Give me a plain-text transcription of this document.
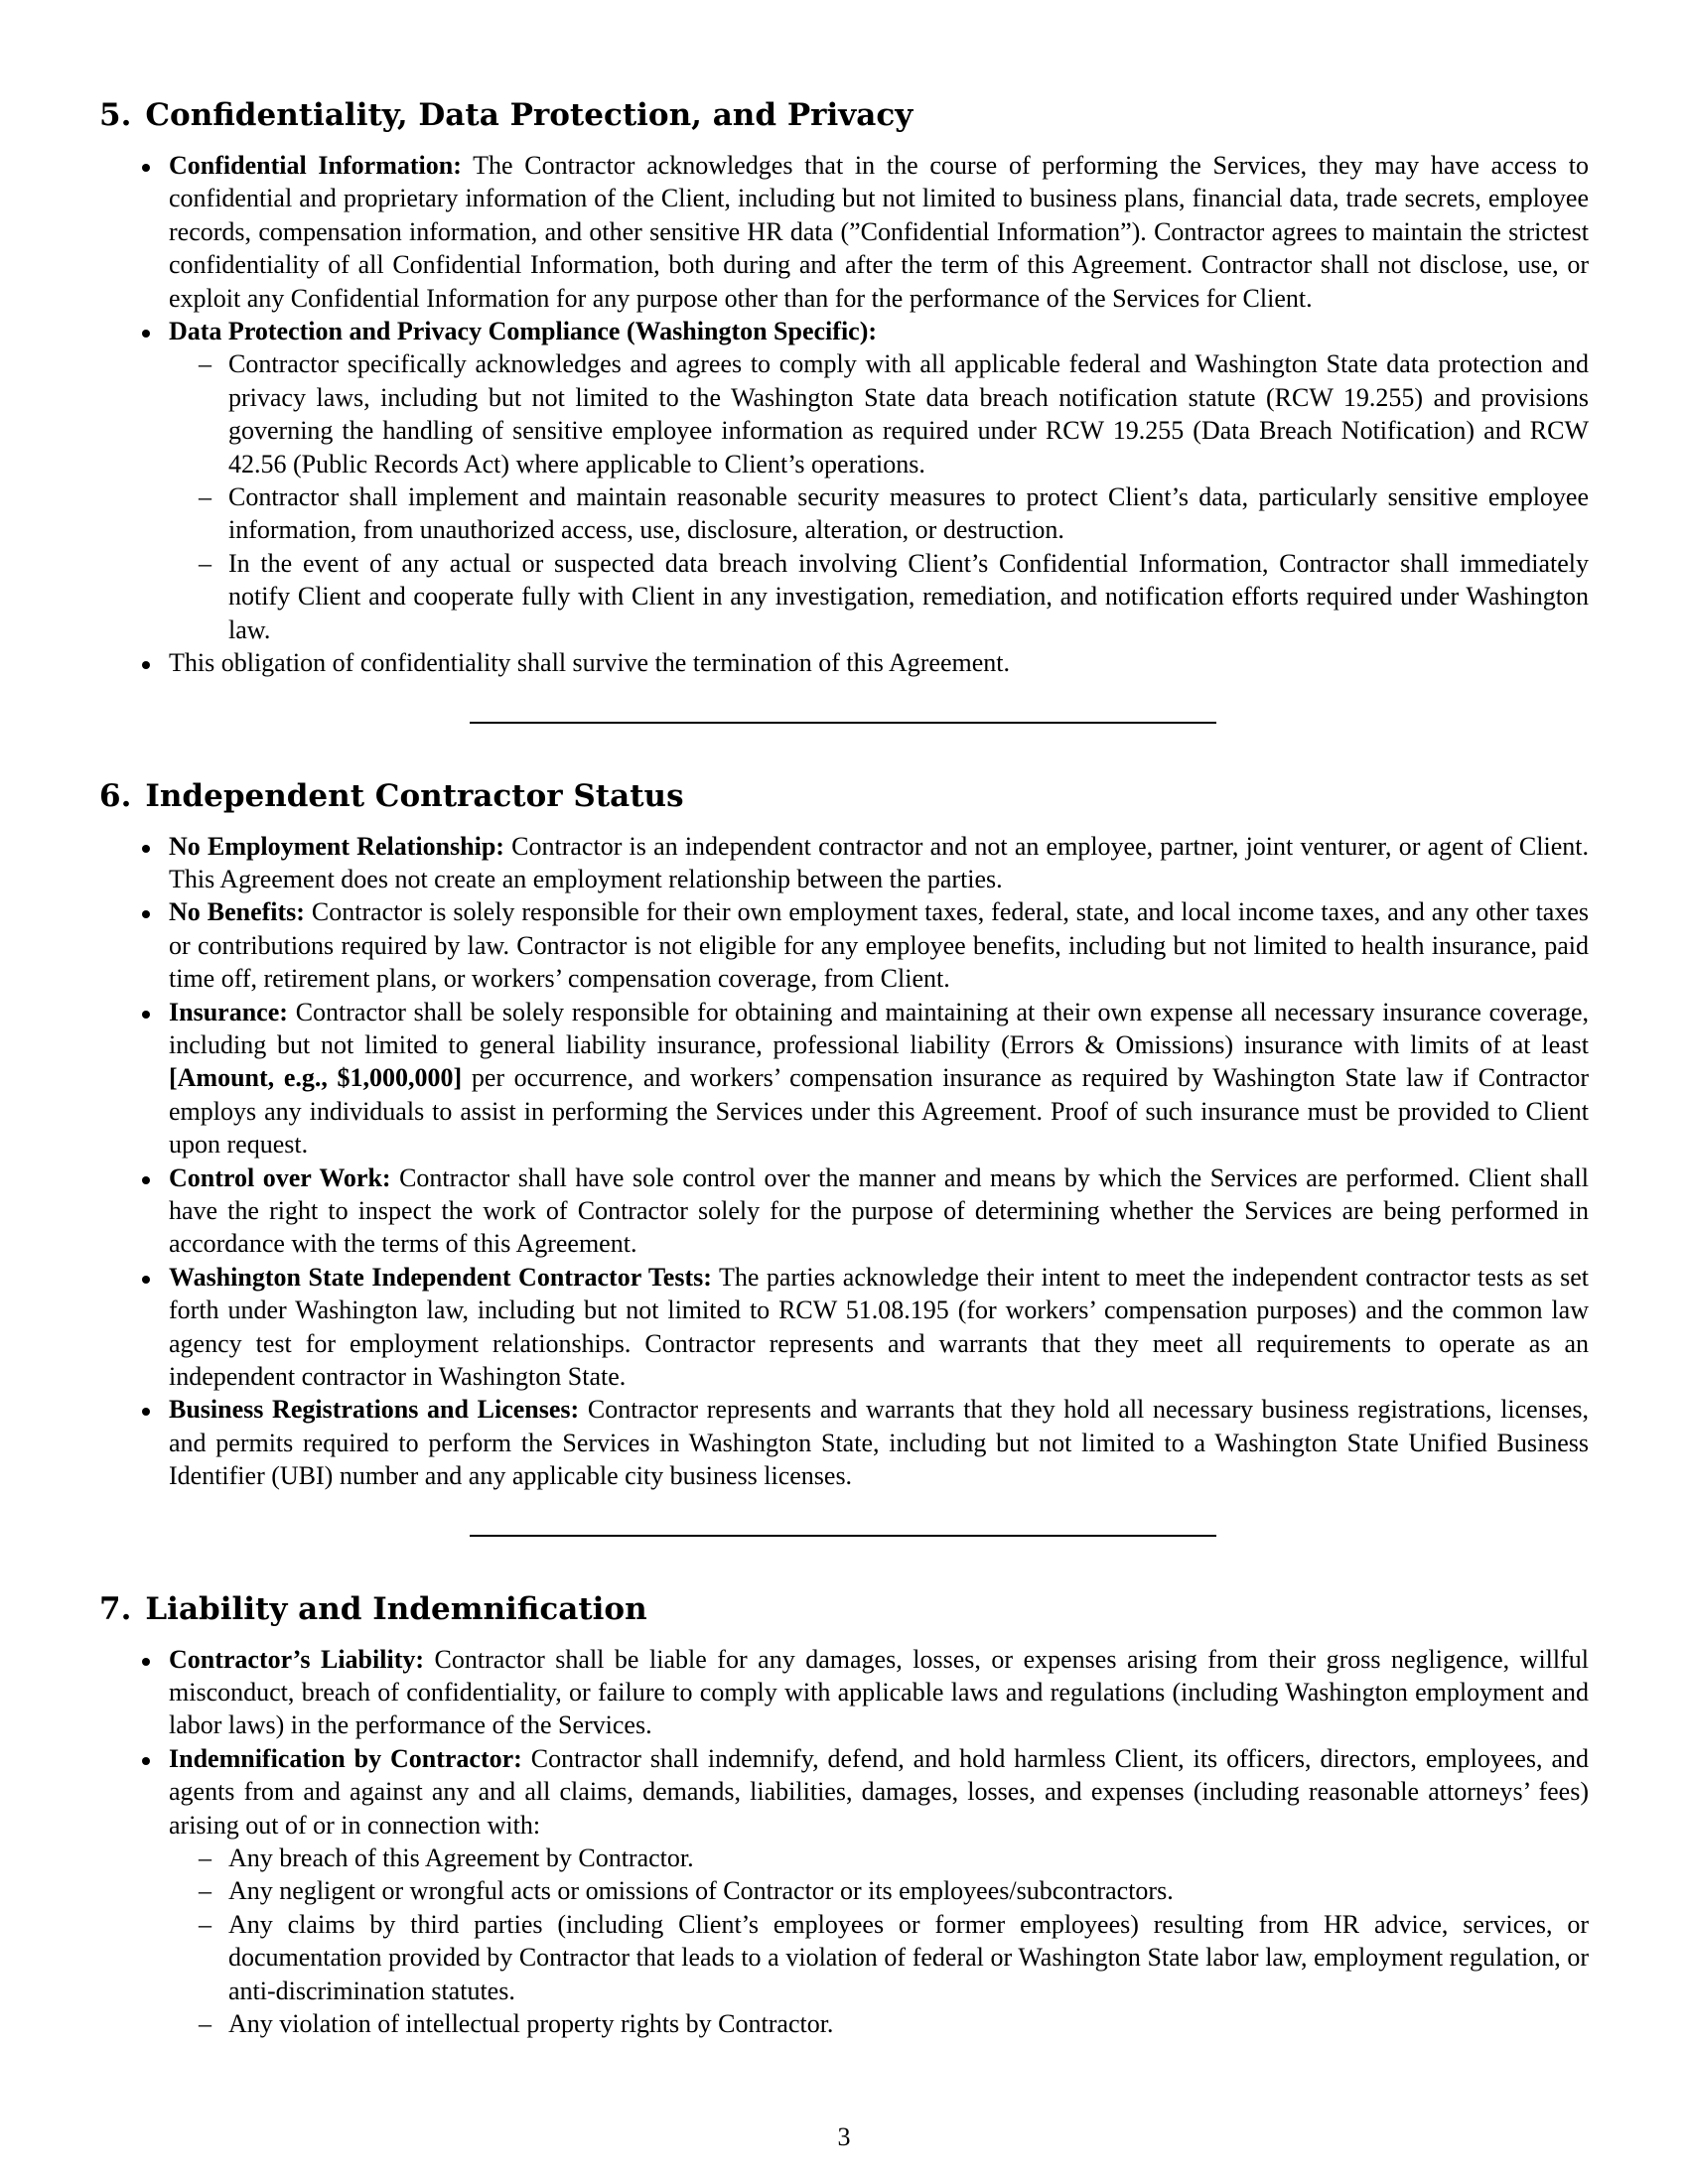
5. Confidentiality, Data Protection, and Privacy
Confidential Information: The Contractor acknowledges that in the course of performing the Services, they may have access to confidential and proprietary information of the Client, including but not limited to business plans, financial data, trade secrets, employee records, compensation information, and other sensitive HR data (”Confidential Information”). Contractor agrees to maintain the strictest confidentiality of all Confidential Information, both during and after the term of this Agreement. Contractor shall not disclose, use, or exploit any Confidential Information for any purpose other than for the performance of the Services for Client.
Data Protection and Privacy Compliance (Washington Specific):
– Contractor specifically acknowledges and agrees to comply with all applicable federal and Washington State data protection and privacy laws, including but not limited to the Washington State data breach notification statute (RCW 19.255) and provisions governing the handling of sensitive employee information as required under RCW 19.255 (Data Breach Notification) and RCW 42.56 (Public Records Act) where applicable to Client’s operations.
– Contractor shall implement and maintain reasonable security measures to protect Client’s data, particularly sensitive employee information, from unauthorized access, use, disclosure, alteration, or destruction.
– In the event of any actual or suspected data breach involving Client’s Confidential Information, Contractor shall immediately notify Client and cooperate fully with Client in any investigation, remediation, and notification efforts required under Washington law.
This obligation of confidentiality shall survive the termination of this Agreement.
6. Independent Contractor Status
No Employment Relationship: Contractor is an independent contractor and not an employee, partner, joint venturer, or agent of Client. This Agreement does not create an employment relationship between the parties.
No Benefits: Contractor is solely responsible for their own employment taxes, federal, state, and local income taxes, and any other taxes or contributions required by law. Contractor is not eligible for any employee benefits, including but not limited to health insurance, paid time off, retirement plans, or workers’ compensation coverage, from Client.
Insurance: Contractor shall be solely responsible for obtaining and maintaining at their own expense all necessary insurance coverage, including but not limited to general liability insurance, professional liability (Errors & Omissions) insurance with limits of at least [Amount, e.g., $1,000,000] per occurrence, and workers’ compensation insurance as required by Washington State law if Contractor employs any individuals to assist in performing the Services under this Agreement. Proof of such insurance must be provided to Client upon request.
Control over Work: Contractor shall have sole control over the manner and means by which the Services are performed. Client shall have the right to inspect the work of Contractor solely for the purpose of determining whether the Services are being performed in accordance with the terms of this Agreement.
Washington State Independent Contractor Tests: The parties acknowledge their intent to meet the independent contractor tests as set forth under Washington law, including but not limited to RCW 51.08.195 (for workers’ compensation purposes) and the common law agency test for employment relationships. Contractor represents and warrants that they meet all requirements to operate as an independent contractor in Washington State.
Business Registrations and Licenses: Contractor represents and warrants that they hold all necessary business registrations, licenses, and permits required to perform the Services in Washington State, including but not limited to a Washington State Unified Business Identifier (UBI) number and any applicable city business licenses.
7. Liability and Indemnification
Contractor’s Liability: Contractor shall be liable for any damages, losses, or expenses arising from their gross negligence, willful misconduct, breach of confidentiality, or failure to comply with applicable laws and regulations (including Washington employment and labor laws) in the performance of the Services.
Indemnification by Contractor: Contractor shall indemnify, defend, and hold harmless Client, its officers, directors, employees, and agents from and against any and all claims, demands, liabilities, damages, losses, and expenses (including reasonable attorneys’ fees) arising out of or in connection with:
– Any breach of this Agreement by Contractor.
– Any negligent or wrongful acts or omissions of Contractor or its employees/subcontractors.
– Any claims by third parties (including Client’s employees or former employees) resulting from HR advice, services, or documentation provided by Contractor that leads to a violation of federal or Washington State labor law, employment regulation, or anti-discrimination statutes.
– Any violation of intellectual property rights by Contractor.
3
